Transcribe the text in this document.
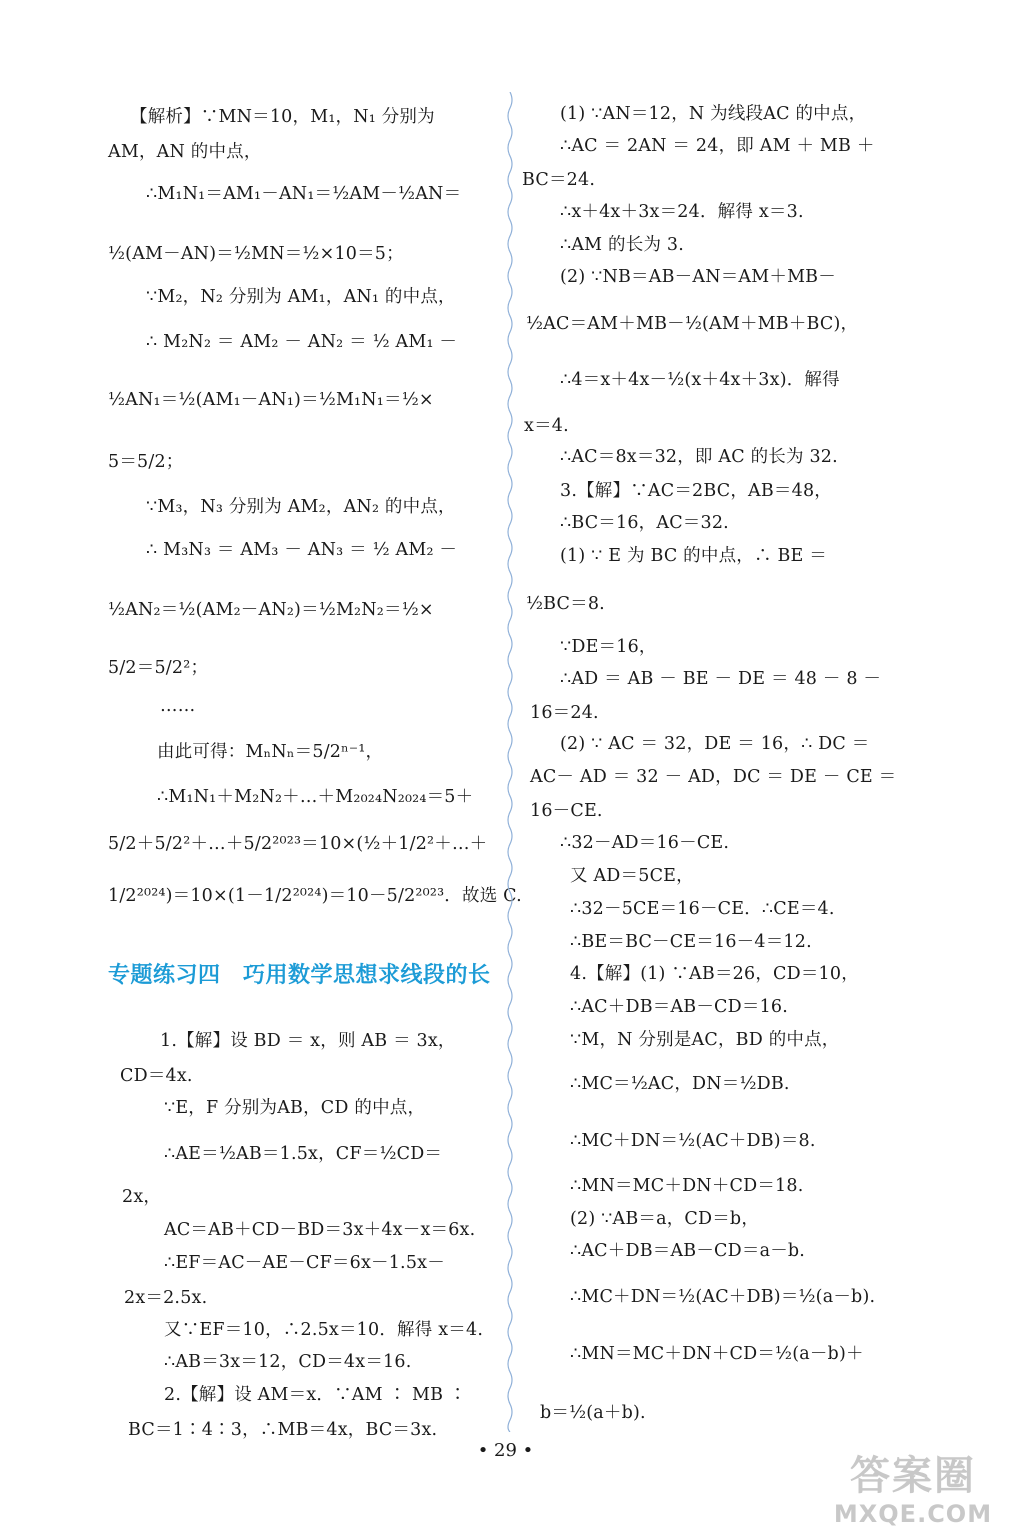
【解析】∵MN＝10，M₁，N₁ 分别为
AM，AN 的中点，
∴M₁N₁＝AM₁－AN₁＝½AM－½AN＝
½(AM－AN)＝½MN＝½×10＝5；
∵M₂，N₂ 分别为 AM₁，AN₁ 的中点，
∴ M₂N₂ ＝ AM₂ － AN₂ ＝ ½ AM₁ －
½AN₁＝½(AM₁－AN₁)＝½M₁N₁＝½×
5＝5/2；
∵M₃，N₃ 分别为 AM₂，AN₂ 的中点，
∴ M₃N₃ ＝ AM₃ － AN₃ ＝ ½ AM₂ －
½AN₂＝½(AM₂－AN₂)＝½M₂N₂＝½×
5/2＝5/2²；
……
由此可得：MₙNₙ＝5/2ⁿ⁻¹，
∴M₁N₁＋M₂N₂＋…＋M₂₀₂₄N₂₀₂₄＝5＋
5/2＋5/2²＋…＋5/2²⁰²³＝10×(½＋1/2²＋…＋
1/2²⁰²⁴)＝10×(1－1/2²⁰²⁴)＝10－5/2²⁰²³．故选 C.
专题练习四　巧用数学思想求线段的长
1.【解】设 BD ＝ x，则 AB ＝ 3x，
CD＝4x.
∵E，F 分别为AB，CD 的中点，
∴AE＝½AB＝1.5x，CF＝½CD＝
2x，
AC＝AB＋CD－BD＝3x＋4x－x＝6x.
∴EF＝AC－AE－CF＝6x－1.5x－
2x＝2.5x.
又∵EF＝10，∴2.5x＝10．解得 x＝4.
∴AB＝3x＝12，CD＝4x＝16.
2.【解】设 AM＝x．∵AM ∶ MB ∶
BC＝1∶4∶3，∴MB＝4x，BC＝3x.
(1) ∵AN＝12，N 为线段AC 的中点，
∴AC ＝ 2AN ＝ 24，即 AM ＋ MB ＋
BC＝24.
∴x＋4x＋3x＝24．解得 x＝3.
∴AM 的长为 3.
(2) ∵NB＝AB－AN＝AM＋MB－
½AC＝AM＋MB－½(AM＋MB＋BC)，
∴4＝x＋4x－½(x＋4x＋3x)．解得
x＝4.
∴AC＝8x＝32，即 AC 的长为 32.
3.【解】∵AC＝2BC，AB＝48，
∴BC＝16，AC＝32.
(1) ∵ E 为 BC 的中点，∴ BE ＝
½BC＝8.
∵DE＝16，
∴AD ＝ AB － BE － DE ＝ 48 － 8 －
16＝24.
(2) ∵ AC ＝ 32，DE ＝ 16，∴ DC ＝
AC－ AD ＝ 32 － AD，DC ＝ DE － CE ＝
16－CE.
∴32－AD＝16－CE.
又 AD＝5CE，
∴32－5CE＝16－CE．∴CE＝4.
∴BE＝BC－CE＝16－4＝12.
4.【解】(1) ∵AB＝26，CD＝10，
∴AC＋DB＝AB－CD＝16.
∵M，N 分别是AC，BD 的中点，
∴MC＝½AC，DN＝½DB.
∴MC＋DN＝½(AC＋DB)＝8.
∴MN＝MC＋DN＋CD＝18.
(2) ∵AB＝a，CD＝b，
∴AC＋DB＝AB－CD＝a－b.
∴MC＋DN＝½(AC＋DB)＝½(a－b).
∴MN＝MC＋DN＋CD＝½(a－b)＋
b＝½(a＋b).
• 29 •
答案圈
MXQE.COM
